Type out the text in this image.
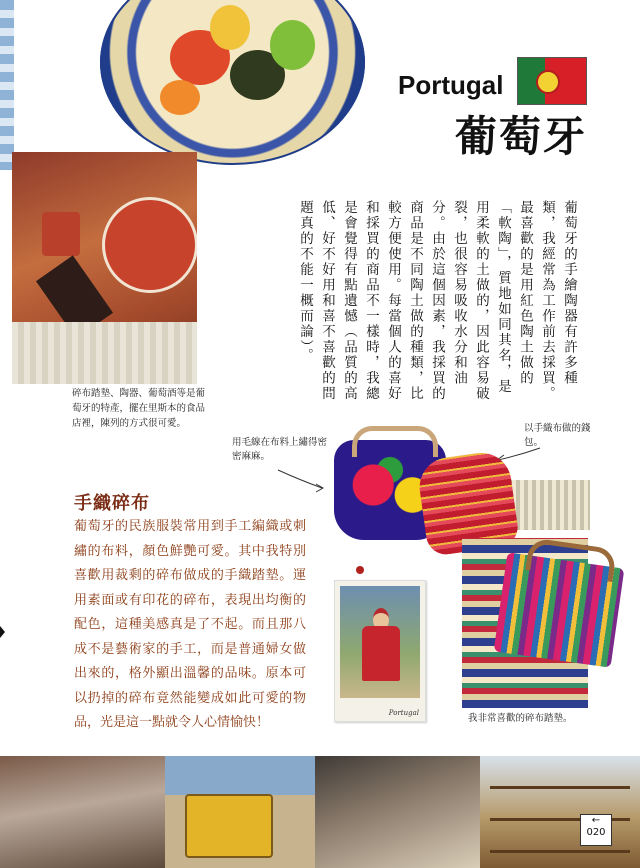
Portugal
葡萄牙
碎布踏墊、陶器、葡萄酒等是葡萄牙的特產，擺在里斯本的食品店裡，陳列的方式很可愛。
葡萄牙的手繪陶器有許多種類，我經常為工作前去採買。最喜歡的是用紅色陶土做的「軟陶」，質地如同其名，是用柔軟的土做的，因此容易破裂，也很容易吸收水分和油分。由於這個因素，我採買的商品是不同陶土做的種類，比較方便使用。每當個人的喜好和採買的商品不一樣時，我總是會覺得有點遺憾（品質的高低、好不好用和喜不喜歡的問題真的不能一概而論）。
用毛線在布料上繡得密密麻麻。
以手織布做的錢包。
我非常喜歡的碎布踏墊。
手織碎布
葡萄牙的民族服裝常用到手工編織或刺繡的布料，顏色鮮艷可愛。其中我特別喜歡用裁剩的碎布做成的手織踏墊。運用素面或有印花的碎布，表現出均衡的配色，這種美感真是了不起。而且那八成不是藝術家的手工，而是普通婦女做出來的，格外顯出溫馨的品味。原本可以扔掉的碎布竟然能變成如此可愛的物品，光是這一點就令人心情愉快！
Portugal
←
020
